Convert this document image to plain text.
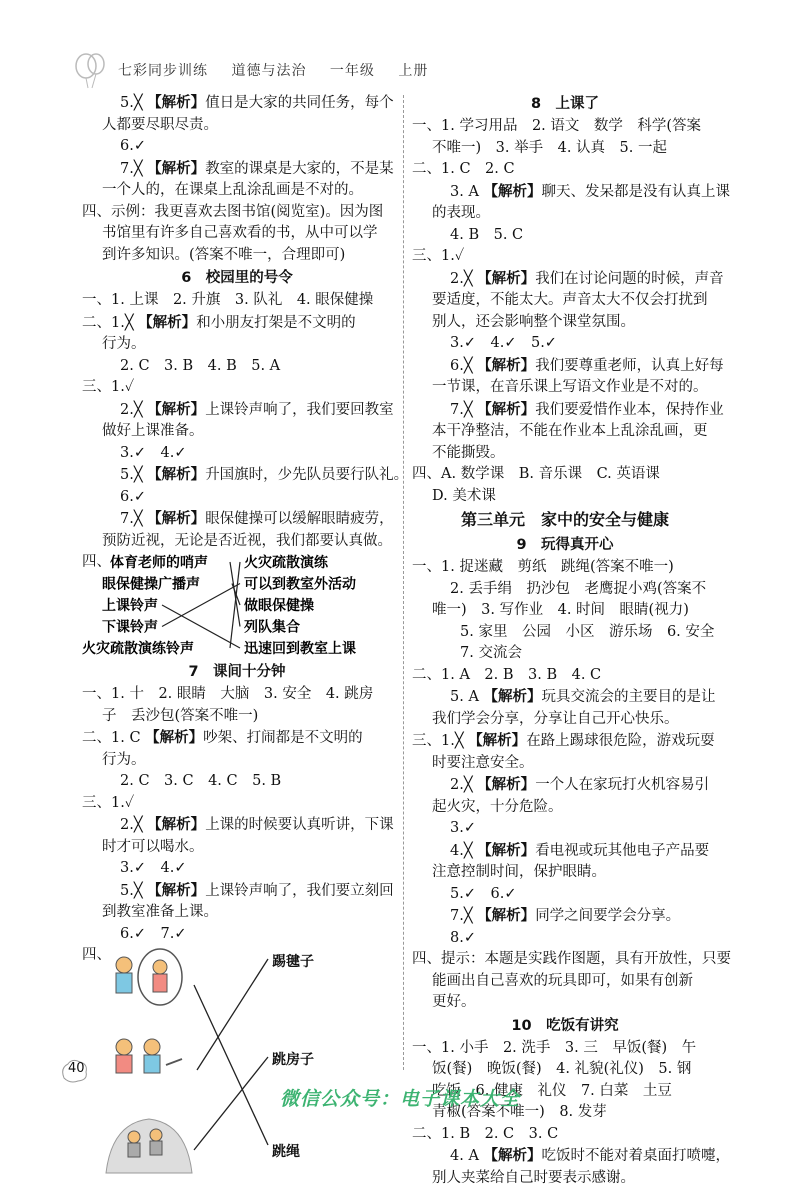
七彩同步训练 道德与法治 一年级 上册
5.╳ 【解析】值日是大家的共同任务，每个
人都要尽职尽责。
6.✓
7.╳ 【解析】教室的课桌是大家的，不是某
一个人的，在课桌上乱涂乱画是不对的。
四、示例：我更喜欢去图书馆(阅览室)。因为图
书馆里有许多自己喜欢看的书，从中可以学
到许多知识。(答案不唯一，合理即可)
6　校园里的号令
一、1. 上课　2. 升旗　3. 队礼　4. 眼保健操
二、1.╳ 【解析】和小朋友打架是不文明的
行为。
2. C　3. B　4. B　5. A
三、1.✓
2.╳ 【解析】上课铃声响了，我们要回教室
做好上课准备。
3.✓　4.✓
5.╳ 【解析】升国旗时，少先队员要行队礼。
6.✓
7.╳ 【解析】眼保健操可以缓解眼睛疲劳，
预防近视，无论是否近视，我们都要认真做。
四、 体育老师的哨声
眼保健操广播声
上课铃声
下课铃声
火灾疏散演练铃声
火灾疏散演练
可以到教室外活动
做眼保健操
列队集合
迅速回到教室上课
7　课间十分钟
一、1. 十　2. 眼睛　大脑　3. 安全　4. 跳房
子　丢沙包(答案不唯一)
二、1. C 【解析】吵架、打闹都是不文明的
行为。
2. C　3. C　4. C　5. B
三、1.✓
2.╳ 【解析】上课的时候要认真听讲，下课
时才可以喝水。
3.✓　4.✓
5.╳ 【解析】上课铃声响了，我们要立刻回
到教室准备上课。
6.✓　7.✓
四、	踢毽子
跳房子
跳绳
8　上课了
一、1. 学习用品　2. 语文　数学　科学(答案
不唯一)　3. 举手　4. 认真　5. 一起
二、1. C　2. C
3. A 【解析】聊天、发呆都是没有认真上课
的表现。
4. B　5. C
三、1.✓
2.╳ 【解析】我们在讨论问题的时候，声音
要适度，不能太大。声音太大不仅会打扰到
别人，还会影响整个课堂氛围。
3.✓　4.✓　5.✓
6.╳ 【解析】我们要尊重老师，认真上好每
一节课，在音乐课上写语文作业是不对的。
7.╳ 【解析】我们要爱惜作业本，保持作业
本干净整洁，不能在作业本上乱涂乱画，更
不能撕毁。
四、A. 数学课　B. 音乐课　C. 英语课
D. 美术课
第三单元　家中的安全与健康
9　玩得真开心
一、1. 捉迷藏　剪纸　跳绳(答案不唯一)
2. 丢手绢　扔沙包　老鹰捉小鸡(答案不
唯一)　3. 写作业　4. 时间　眼睛(视力)
5. 家里　公园　小区　游乐场　6. 安全
7. 交流会
二、1. A　2. B　3. B　4. C
5. A 【解析】玩具交流会的主要目的是让
我们学会分享，分享让自己开心快乐。
三、1.╳ 【解析】在路上踢球很危险，游戏玩耍
时要注意安全。
2.╳ 【解析】一个人在家玩打火机容易引
起火灾，十分危险。
3.✓
4.╳ 【解析】看电视或玩其他电子产品要
注意控制时间，保护眼睛。
5.✓　6.✓
7.╳ 【解析】同学之间要学会分享。
8.✓
四、提示：本题是实践作图题，具有开放性，只要
能画出自己喜欢的玩具即可，如果有创新
更好。
10　吃饭有讲究
一、1. 小手　2. 洗手　3. 三　早饭(餐)　午
饭(餐)　晚饭(餐)　4. 礼貌(礼仪)　5. 钢
吃饭　6. 健康　礼仪　7. 白菜　土豆
青椒(答案不唯一)　8. 发芽
二、1. B　2. C　3. C
4. A 【解析】吃饭时不能对着桌面打喷嚏，
别人夹菜给自己时要表示感谢。
40
微信公众号：电子课本大全
